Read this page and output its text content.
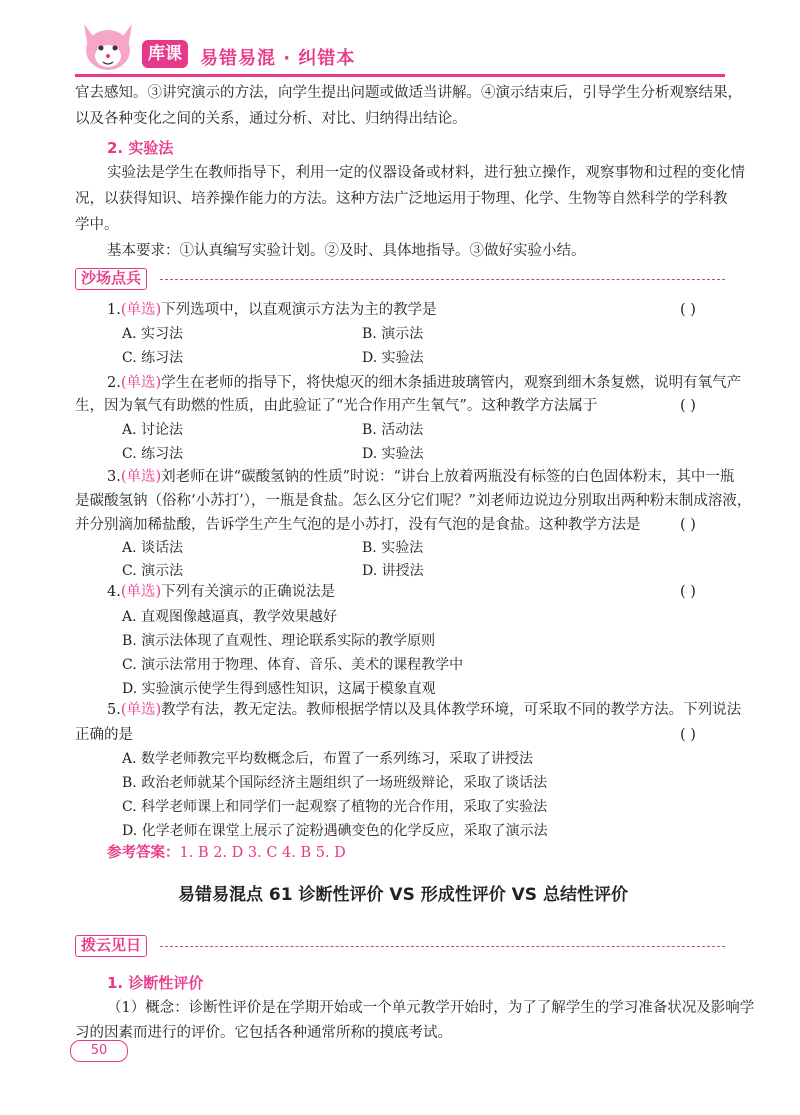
库课	易错易混 · 纠错本
官去感知。③讲究演示的方法，向学生提出问题或做适当讲解。④演示结束后，引导学生分析观察结果，
以及各种变化之间的关系，通过分析、对比、归纳得出结论。
2. 实验法
实验法是学生在教师指导下，利用一定的仪器设备或材料，进行独立操作，观察事物和过程的变化情
况，以获得知识、培养操作能力的方法。这种方法广泛地运用于物理、化学、生物等自然科学的学科教
学中。
基本要求：①认真编写实验计划。②及时、具体地指导。③做好实验小结。
沙场点兵
1.(单选)下列选项中，以直观演示方法为主的教学是	( )
A. 实习法	B. 演示法
C. 练习法	D. 实验法
2.(单选)学生在老师的指导下，将快熄灭的细木条插进玻璃管内，观察到细木条复燃，说明有氧气产
生，因为氧气有助燃的性质，由此验证了“光合作用产生氧气”。这种教学方法属于	( )
A. 讨论法	B. 活动法
C. 练习法	D. 实验法
3.(单选)刘老师在讲“碳酸氢钠的性质”时说：“讲台上放着两瓶没有标签的白色固体粉末，其中一瓶
是碳酸氢钠（俗称‘小苏打’），一瓶是食盐。怎么区分它们呢？”刘老师边说边分别取出两种粉末制成溶液，
并分别滴加稀盐酸，告诉学生产生气泡的是小苏打，没有气泡的是食盐。这种教学方法是	( )
A. 谈话法	B. 实验法
C. 演示法	D. 讲授法
4.(单选)下列有关演示的正确说法是	( )
A. 直观图像越逼真，教学效果越好
B. 演示法体现了直观性、理论联系实际的教学原则
C. 演示法常用于物理、体育、音乐、美术的课程教学中
D. 实验演示使学生得到感性知识，这属于模象直观
5.(单选)教学有法，教无定法。教师根据学情以及具体教学环境，可采取不同的教学方法。下列说法
正确的是	( )
A. 数学老师教完平均数概念后，布置了一系列练习，采取了讲授法
B. 政治老师就某个国际经济主题组织了一场班级辩论，采取了谈话法
C. 科学老师课上和同学们一起观察了植物的光合作用，采取了实验法
D. 化学老师在课堂上展示了淀粉遇碘变色的化学反应，采取了演示法
参考答案：1. B 2. D 3. C 4. B 5. D
易错易混点 61 诊断性评价 VS 形成性评价 VS 总结性评价
拨云见日
1. 诊断性评价
（1）概念：诊断性评价是在学期开始或一个单元教学开始时，为了了解学生的学习准备状况及影响学
习的因素而进行的评价。它包括各种通常所称的摸底考试。
50
